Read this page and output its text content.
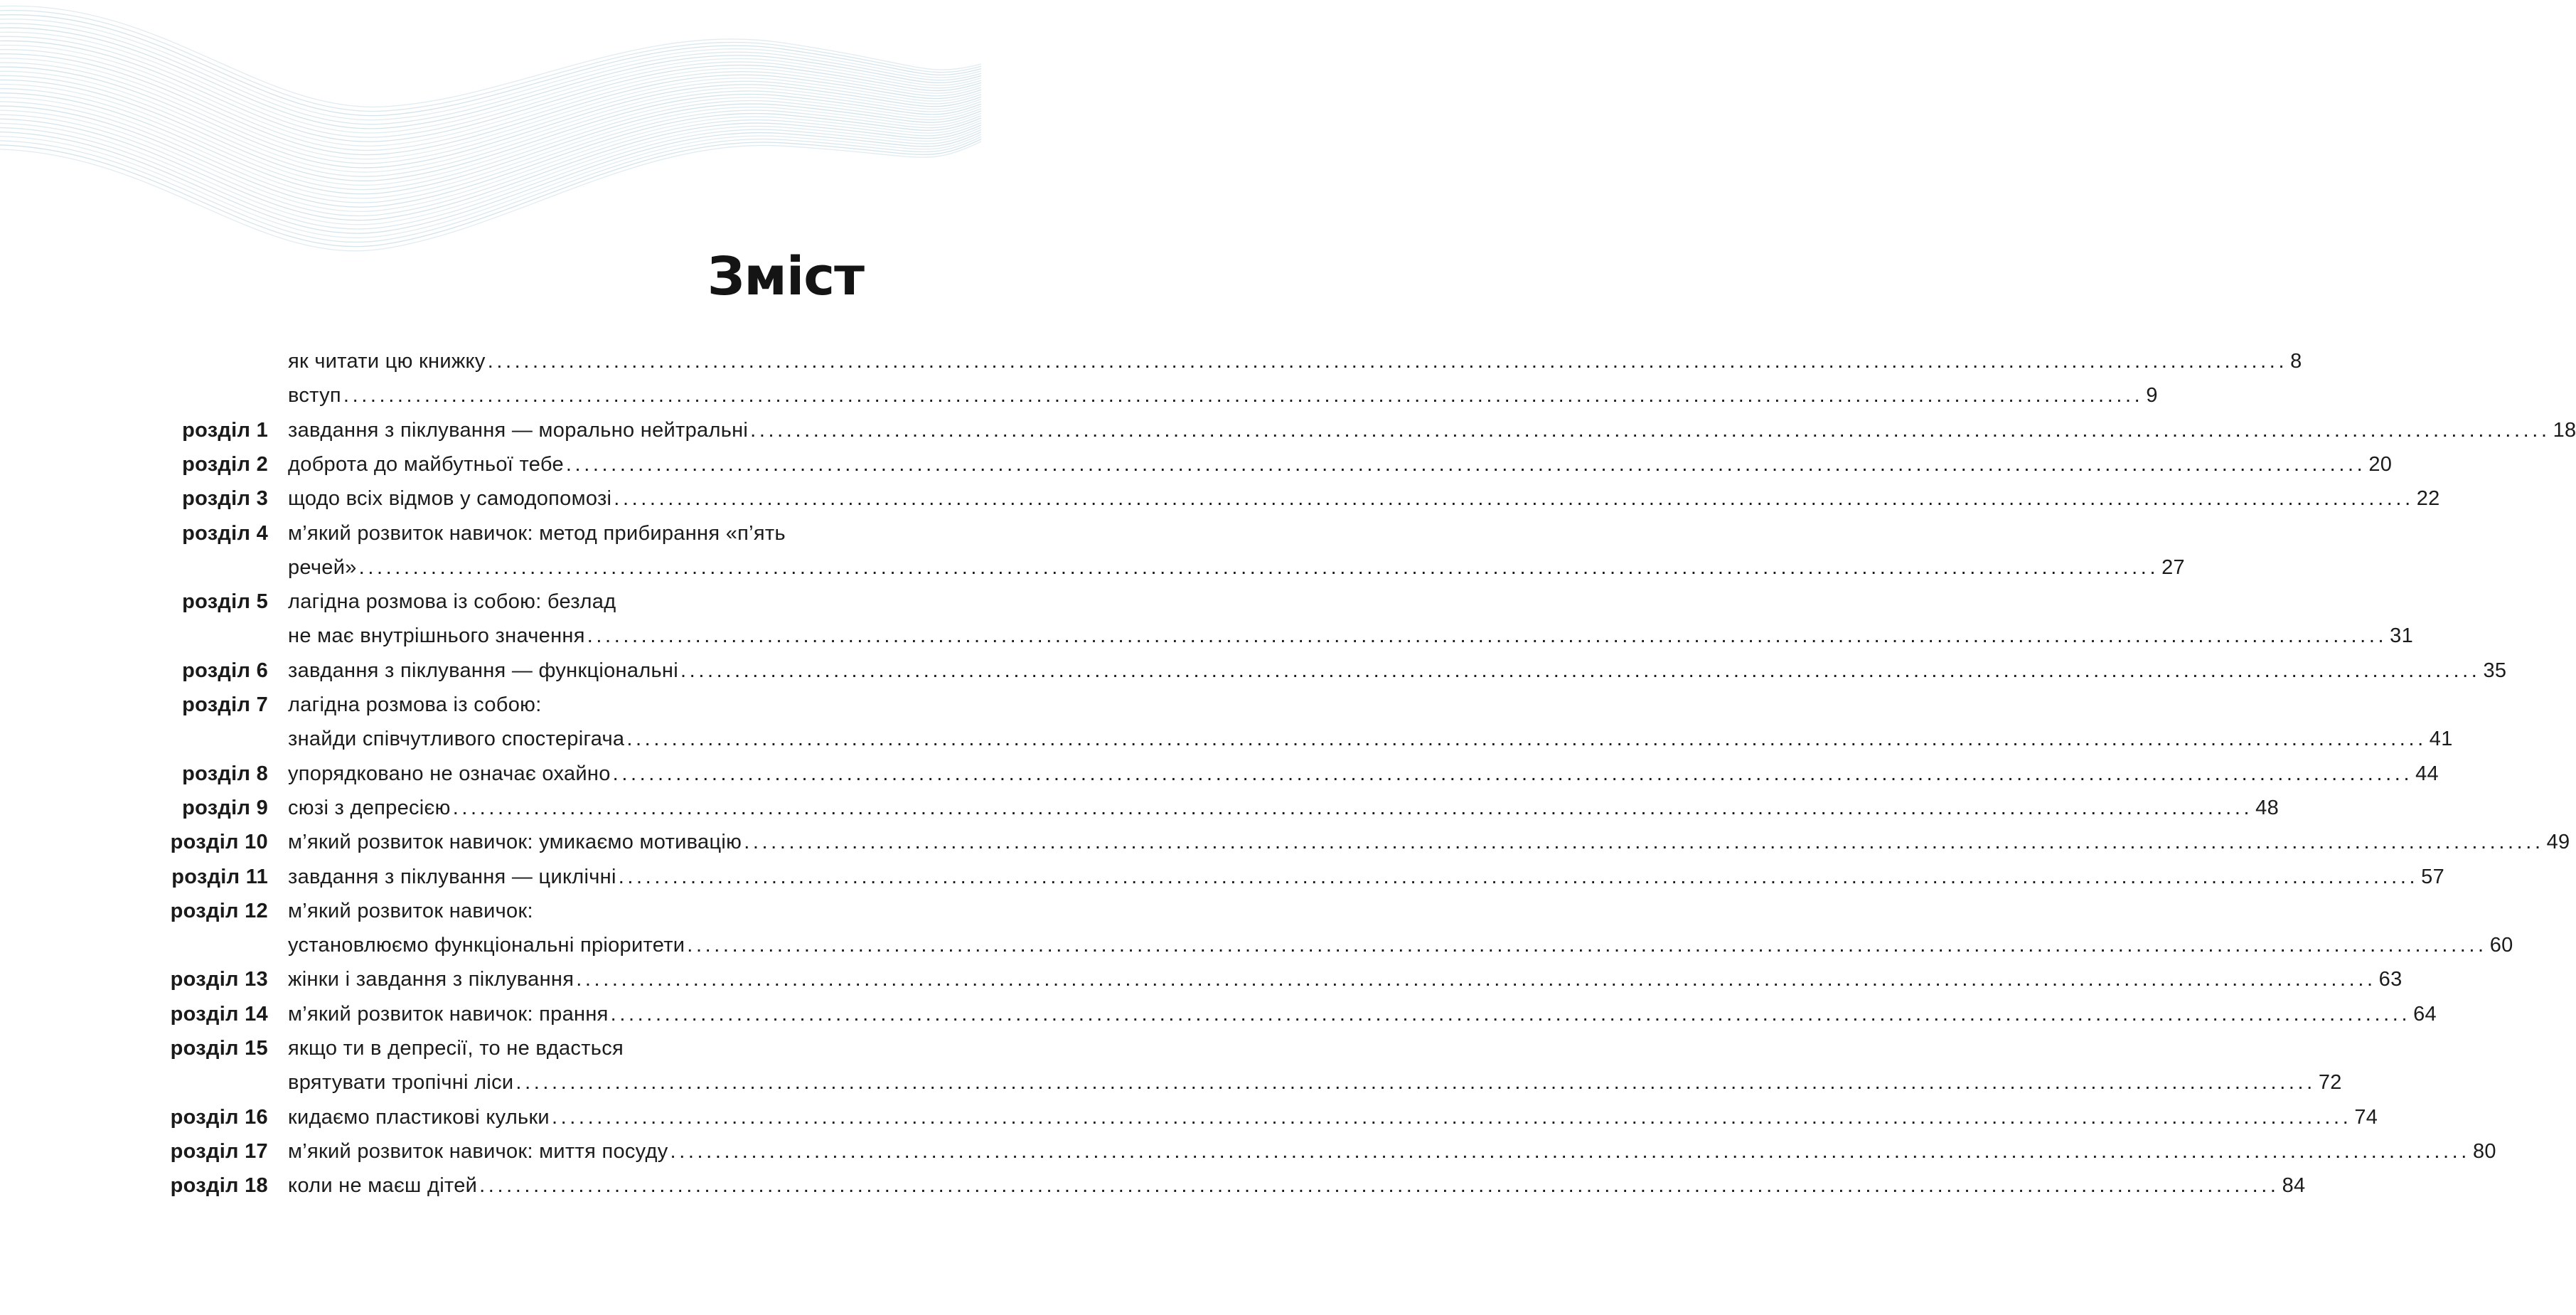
Зміст
як читати цю книжку ........................................................................................................................................................................................................ 8
вступ ........................................................................................................................................................................................................ 9
розділ 1 завдання з піклування — морально нейтральні ........................................................................................................................................................................................................ 18
розділ 2 доброта до майбутньої тебе ........................................................................................................................................................................................................ 20
розділ 3 щодо всіх відмов у самодопомозі ........................................................................................................................................................................................................ 22
розділ 4 м’який розвиток навичок: метод прибирання «п’ять
речей» ........................................................................................................................................................................................................ 27
розділ 5 лагідна розмова із собою: безлад
не має внутрішнього значення ........................................................................................................................................................................................................ 31
розділ 6 завдання з піклування — функціональні ........................................................................................................................................................................................................ 35
розділ 7 лагідна розмова із собою:
знайди співчутливого спостерігача ........................................................................................................................................................................................................ 41
розділ 8 упорядковано не означає охайно ........................................................................................................................................................................................................ 44
розділ 9 сюзі з депресією ........................................................................................................................................................................................................ 48
розділ 10 м’який розвиток навичок: умикаємо мотивацію ........................................................................................................................................................................................................ 49
розділ 11 завдання з піклування — циклічні ........................................................................................................................................................................................................ 57
розділ 12 м’який розвиток навичок:
установлюємо функціональні пріоритети ........................................................................................................................................................................................................ 60
розділ 13 жінки і завдання з піклування ........................................................................................................................................................................................................ 63
розділ 14 м’який розвиток навичок: прання ........................................................................................................................................................................................................ 64
розділ 15 якщо ти в депресії, то не вдасться
врятувати тропічні ліси ........................................................................................................................................................................................................ 72
розділ 16 кидаємо пластикові кульки ........................................................................................................................................................................................................ 74
розділ 17 м’який розвиток навичок: миття посуду ........................................................................................................................................................................................................ 80
розділ 18 коли не маєш дітей ........................................................................................................................................................................................................ 84
